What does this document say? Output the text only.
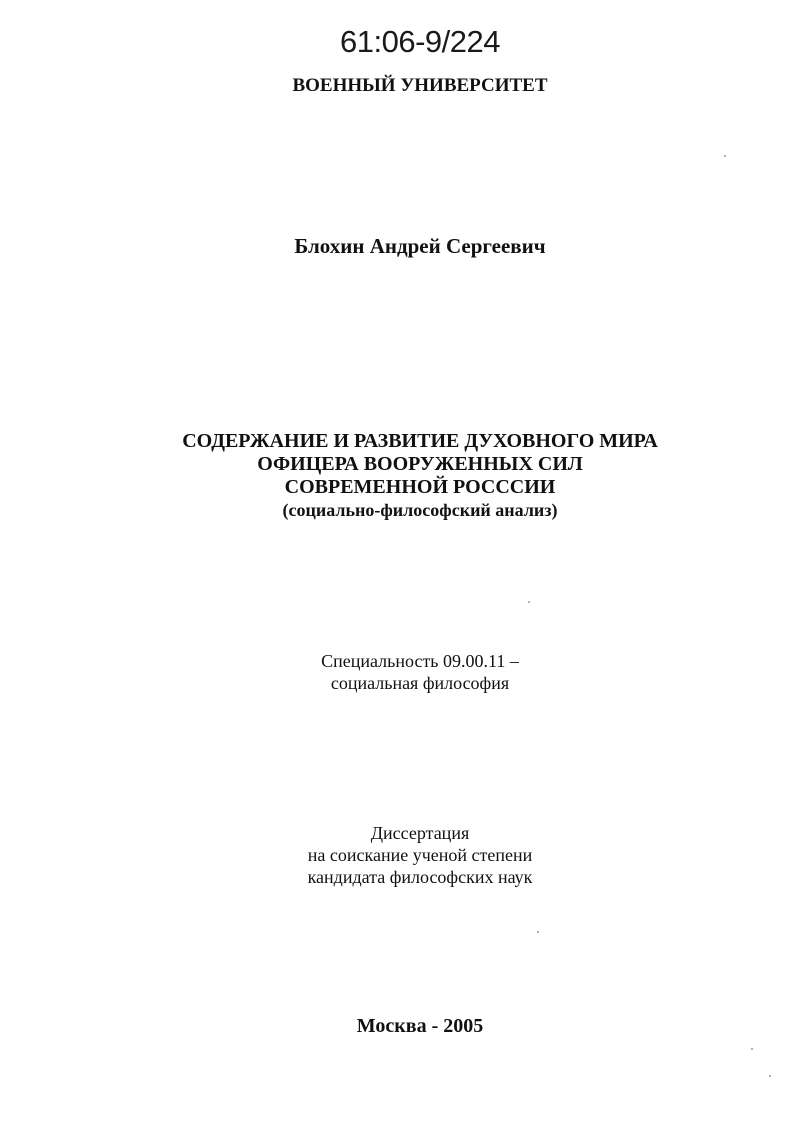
61:06-9/224
ВОЕННЫЙ УНИВЕРСИТЕТ
Блохин Андрей Сергеевич
СОДЕРЖАНИЕ И РАЗВИТИЕ ДУХОВНОГО МИРА
ОФИЦЕРА ВООРУЖЕННЫХ СИЛ
СОВРЕМЕННОЙ РОСССИИ
(социально-философский анализ)
Специальность 09.00.11 –
социальная философия
Диссертация
на соискание ученой степени
кандидата философских наук
Москва - 2005
